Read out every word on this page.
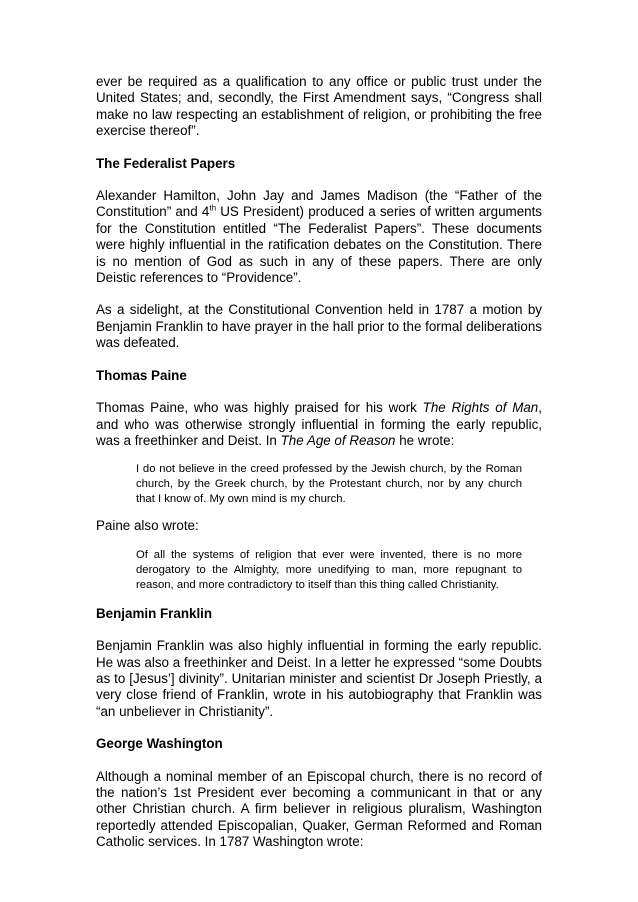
ever be required as a qualification to any office or public trust under the United States; and, secondly, the First Amendment says, “Congress shall make no law respecting an establishment of religion, or prohibiting the free exercise thereof”.

The Federalist Papers

Alexander Hamilton, John Jay and James Madison (the “Father of the Constitution” and 4th US President) produced a series of written arguments for the Constitution entitled “The Federalist Papers”. These documents were highly influential in the ratification debates on the Constitution. There is no mention of God as such in any of these papers. There are only Deistic references to “Providence”.

As a sidelight, at the Constitutional Convention held in 1787 a motion by Benjamin Franklin to have prayer in the hall prior to the formal deliberations was defeated.

Thomas Paine

Thomas Paine, who was highly praised for his work The Rights of Man, and who was otherwise strongly influential in forming the early republic, was a freethinker and Deist. In The Age of Reason he wrote:

I do not believe in the creed professed by the Jewish church, by the Roman church, by the Greek church, by the Protestant church, nor by any church that I know of. My own mind is my church.

Paine also wrote:

Of all the systems of religion that ever were invented, there is no more derogatory to the Almighty, more unedifying to man, more repugnant to reason, and more contradictory to itself than this thing called Christianity.
Benjamin Franklin

Benjamin Franklin was also highly influential in forming the early republic. He was also a freethinker and Deist. In a letter he expressed “some Doubts as to [Jesus’] divinity”. Unitarian minister and scientist Dr Joseph Priestly, a very close friend of Franklin, wrote in his autobiography that Franklin was “an unbeliever in Christianity”.

George Washington

Although a nominal member of an Episcopal church, there is no record of the nation’s 1st President ever becoming a communicant in that or any other Christian church. A firm believer in religious pluralism, Washington reportedly attended Episcopalian, Quaker, German Reformed and Roman Catholic services. In 1787 Washington wrote:
